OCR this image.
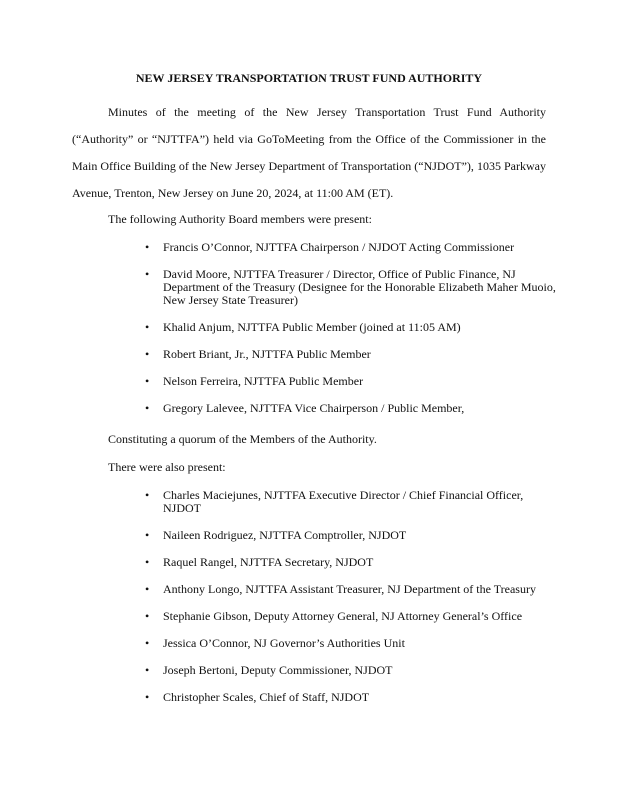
NEW JERSEY TRANSPORTATION TRUST FUND AUTHORITY

Minutes of the meeting of the New Jersey Transportation Trust Fund Authority (“Authority” or “NJTTFA”) held via GoToMeeting from the Office of the Commissioner in the Main Office Building of the New Jersey Department of Transportation (“NJDOT”), 1035 Parkway Avenue, Trenton, New Jersey on June 20, 2024, at 11:00 AM (ET).

The following Authority Board members were present:

• Francis O’Connor, NJTTFA Chairperson / NJDOT Acting Commissioner
• David Moore, NJTTFA Treasurer / Director, Office of Public Finance, NJ Department of the Treasury (Designee for the Honorable Elizabeth Maher Muoio, New Jersey State Treasurer)
• Khalid Anjum, NJTTFA Public Member (joined at 11:05 AM)
• Robert Briant, Jr., NJTTFA Public Member
• Nelson Ferreira, NJTTFA Public Member
• Gregory Lalevee, NJTTFA Vice Chairperson / Public Member,

Constituting a quorum of the Members of the Authority.

There were also present:

• Charles Maciejunes, NJTTFA Executive Director / Chief Financial Officer, NJDOT
• Naileen Rodriguez, NJTTFA Comptroller, NJDOT
• Raquel Rangel, NJTTFA Secretary, NJDOT
• Anthony Longo, NJTTFA Assistant Treasurer, NJ Department of the Treasury
• Stephanie Gibson, Deputy Attorney General, NJ Attorney General’s Office
• Jessica O’Connor, NJ Governor’s Authorities Unit
• Joseph Bertoni, Deputy Commissioner, NJDOT
• Christopher Scales, Chief of Staff, NJDOT
